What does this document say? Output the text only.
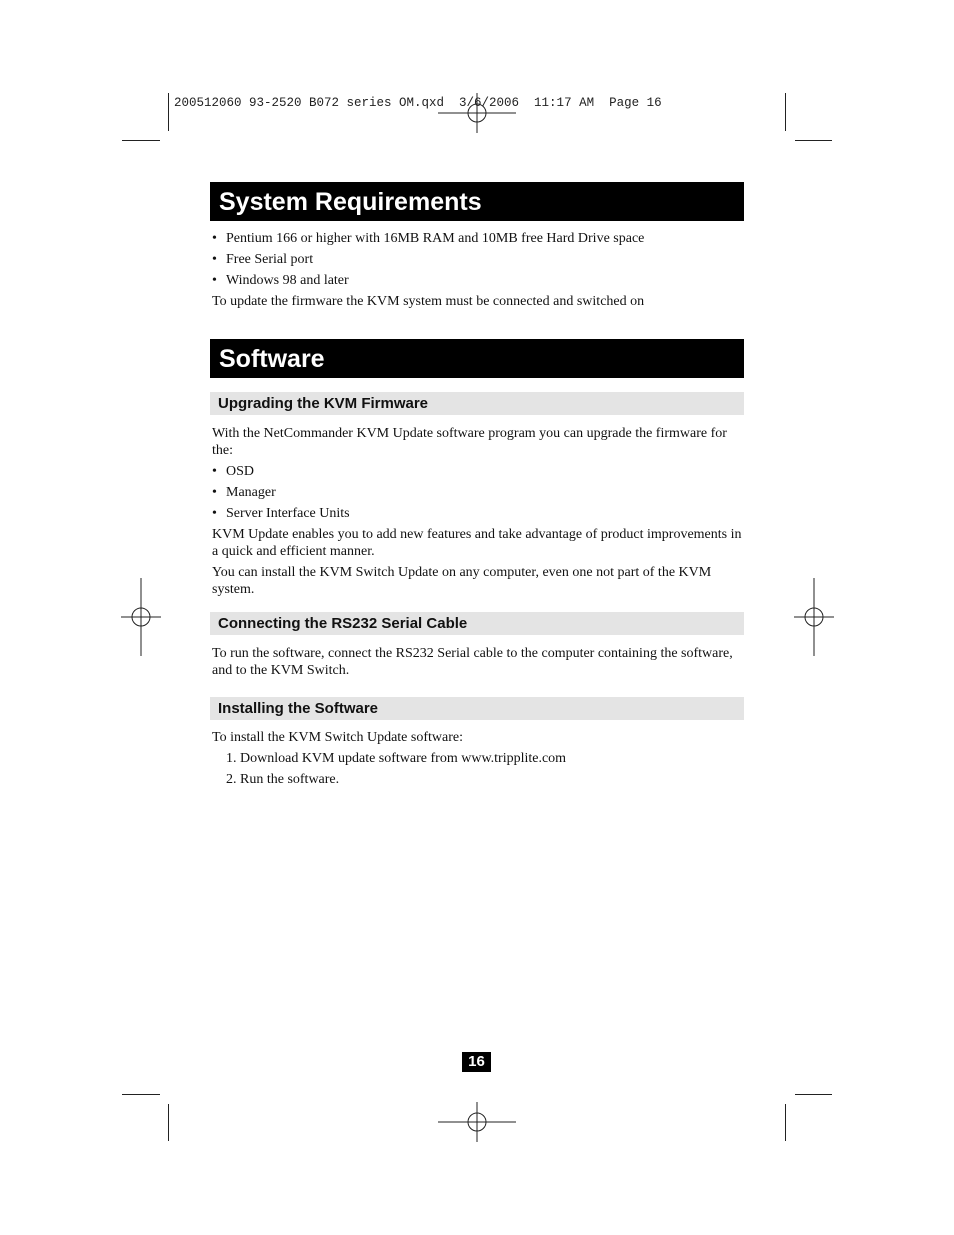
200512060 93-2520 B072 series OM.qxd  3/6/2006  11:17 AM  Page 16
System Requirements
• Pentium 166 or higher with 16MB RAM and 10MB free Hard Drive space
• Free Serial port
• Windows 98 and later

To update the firmware the KVM system must be connected and switched on

Software
Upgrading the KVM Firmware

With the NetCommander KVM Update software program you can upgrade the firmware for the:

• OSD
• Manager
• Server Interface Units

KVM Update enables you to add new features and take advantage of product improvements in a quick and efficient manner.

You can install the KVM Switch Update on any computer, even one not part of the KVM system.

Connecting the RS232 Serial Cable

To run the software, connect the RS232 Serial cable to the computer containing the software, and to the KVM Switch.

Installing the Software

To install the KVM Switch Update software:

1. Download KVM update software from www.tripplite.com
2. Run the software.
16
